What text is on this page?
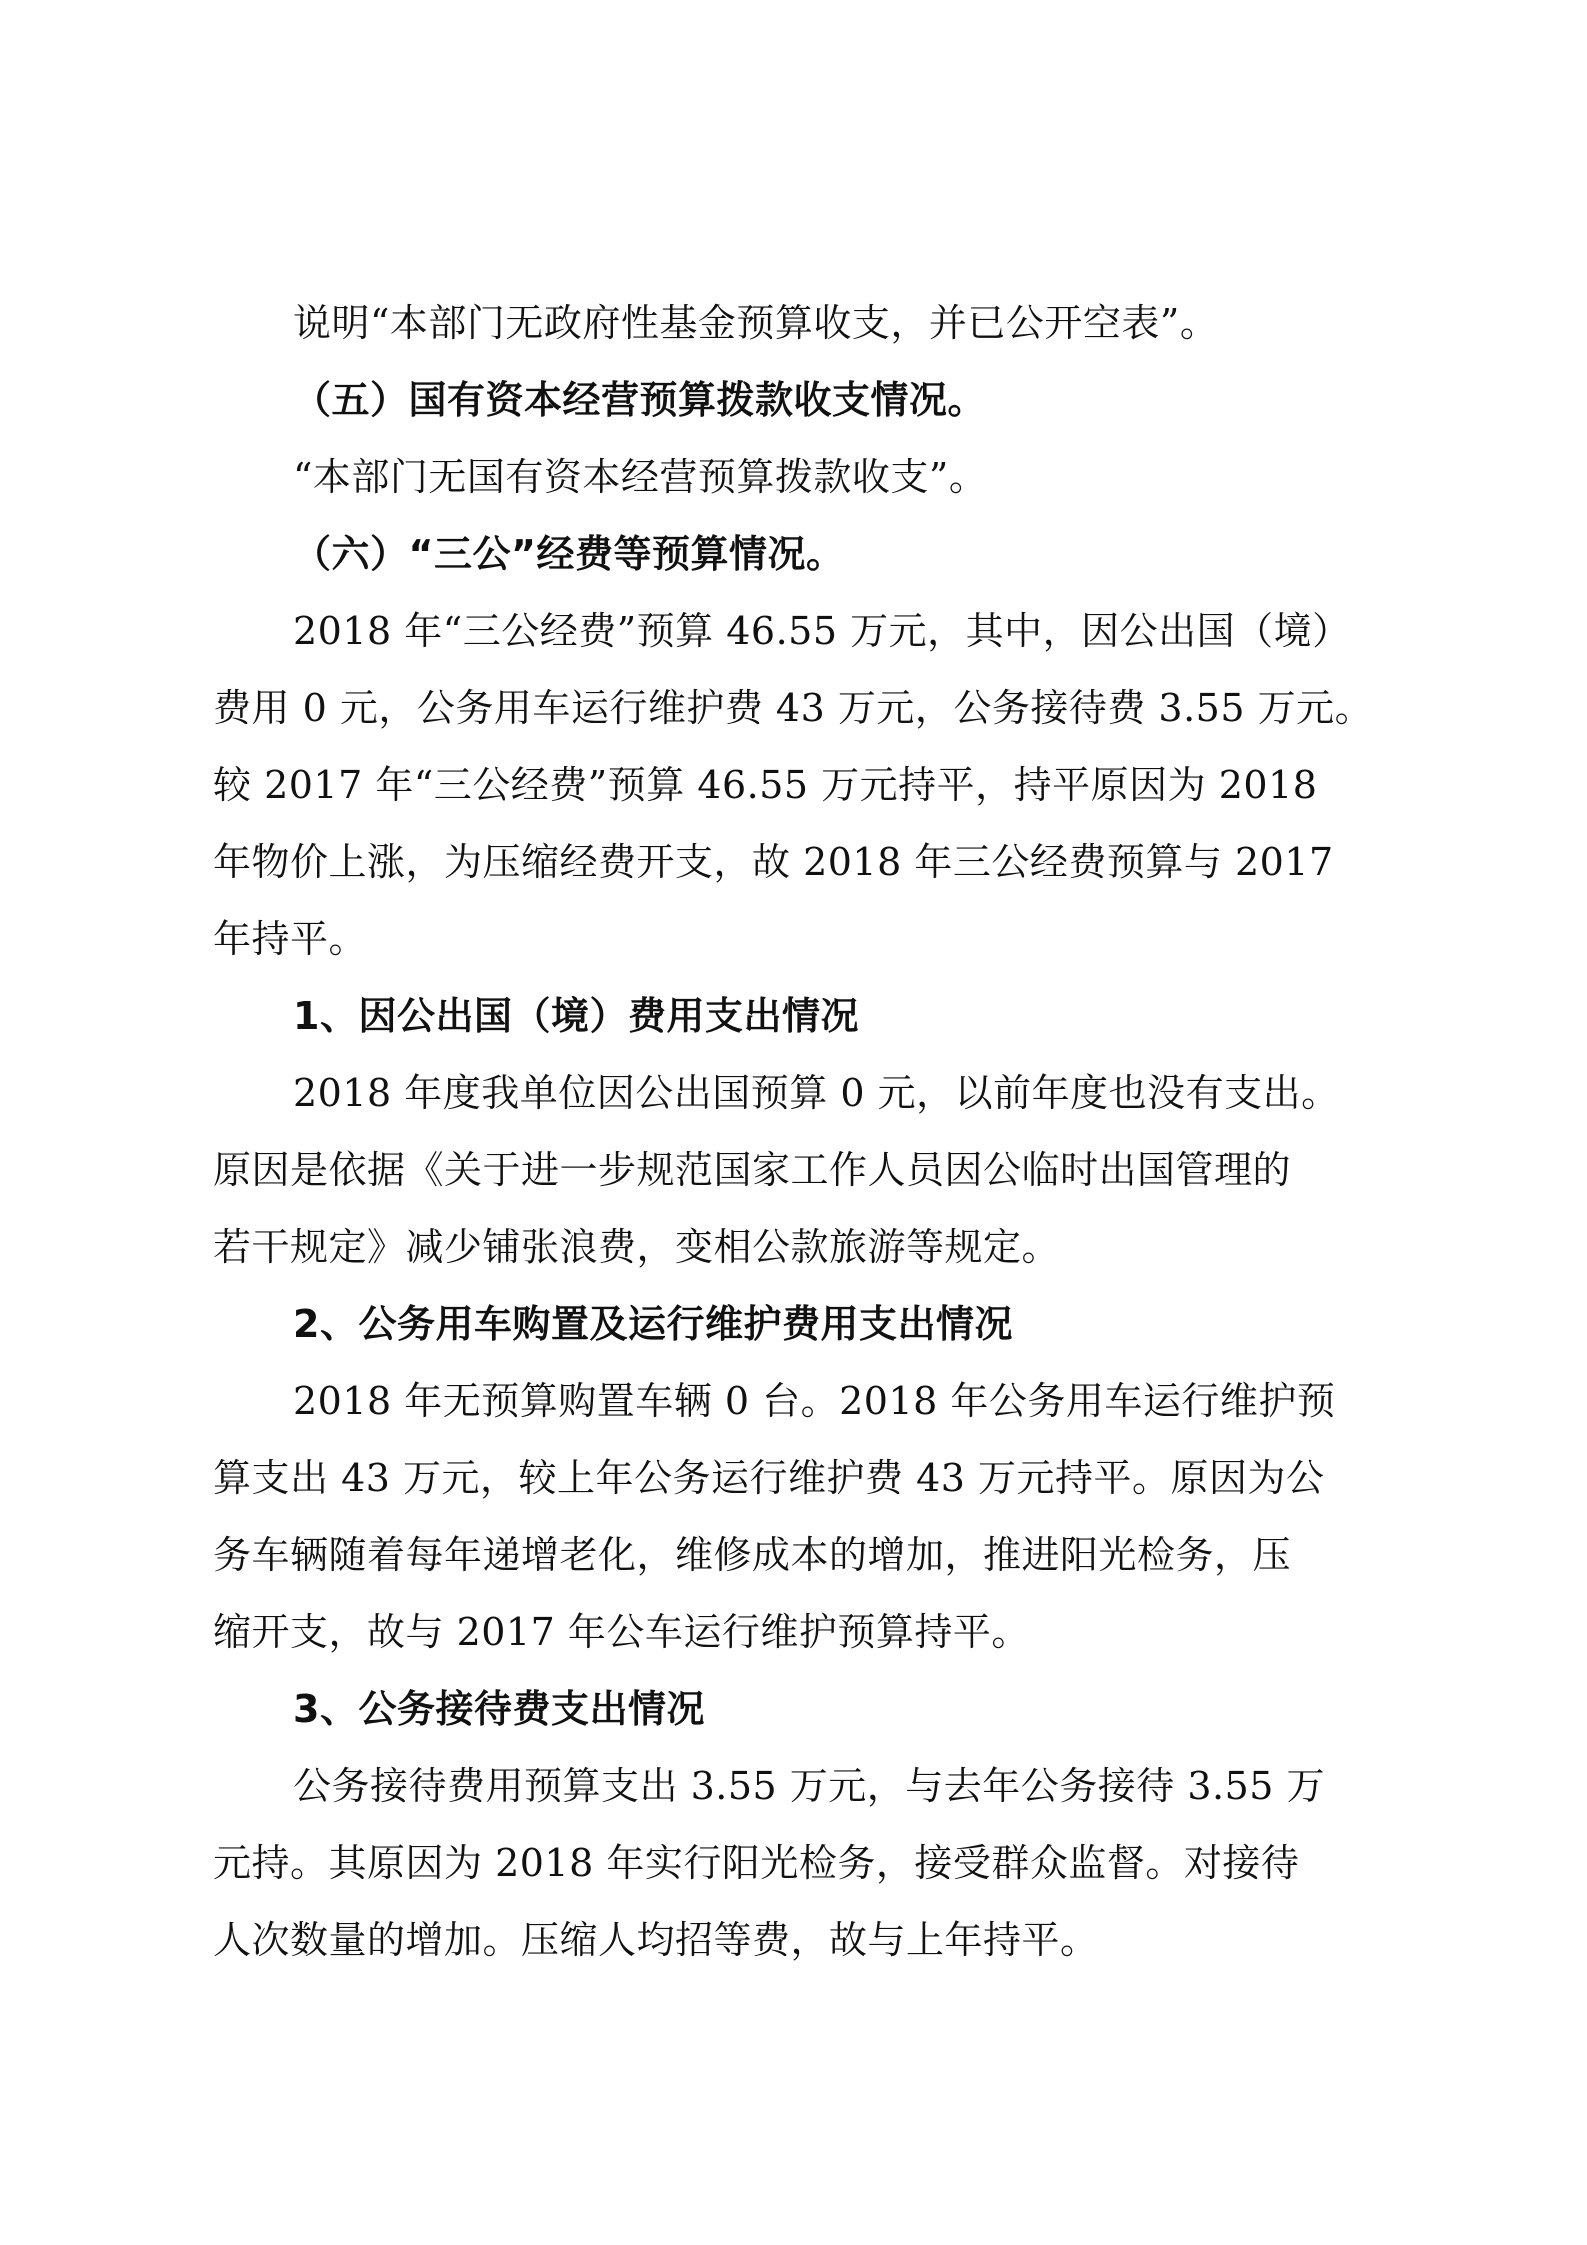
说明“本部门无政府性基金预算收支，并已公开空表”。
（五）国有资本经营预算拨款收支情况。
“本部门无国有资本经营预算拨款收支”。
（六）“三公”经费等预算情况。
2018 年“三公经费”预算 46.55 万元，其中，因公出国（境）
费用 0 元，公务用车运行维护费 43 万元，公务接待费 3.55 万元。
较 2017 年“三公经费”预算 46.55 万元持平，持平原因为 2018
年物价上涨，为压缩经费开支，故 2018 年三公经费预算与 2017
年持平。
1、因公出国（境）费用支出情况
2018 年度我单位因公出国预算 0 元，以前年度也没有支出。
原因是依据《关于进一步规范国家工作人员因公临时出国管理的
若干规定》减少铺张浪费，变相公款旅游等规定。
2、公务用车购置及运行维护费用支出情况
2018 年无预算购置车辆 0 台。2018 年公务用车运行维护预
算支出 43 万元，较上年公务运行维护费 43 万元持平。原因为公
务车辆随着每年递增老化，维修成本的增加，推进阳光检务，压
缩开支，故与 2017 年公车运行维护预算持平。
3、公务接待费支出情况
公务接待费用预算支出 3.55 万元，与去年公务接待 3.55 万
元持。其原因为 2018 年实行阳光检务，接受群众监督。对接待
人次数量的增加。压缩人均招等费，故与上年持平。
